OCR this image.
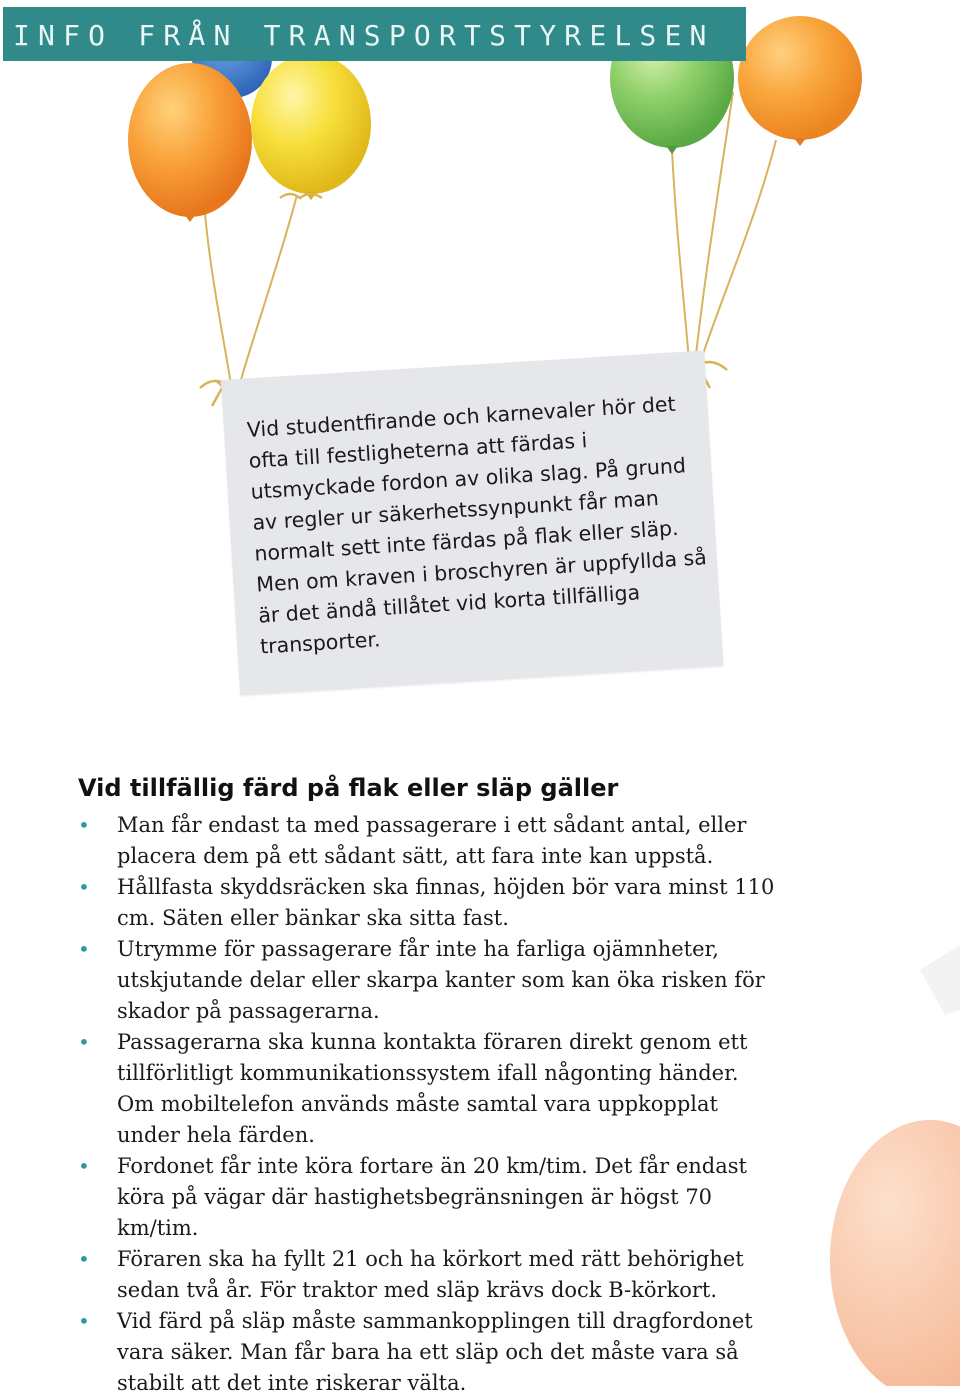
INFO FRÅN TRANSPORTSTYRELSEN
Vid studentfirande och karnevaler hör det ofta till festligheterna att färdas i utsmyckade fordon av olika slag. På grund av regler ur säkerhetssynpunkt får man normalt sett inte färdas på flak eller släp. Men om kraven i broschyren är uppfyllda så är det ändå tillåtet vid korta tillfälliga transporter.
Vid tillfällig färd på flak eller släp gäller
• Man får endast ta med passagerare i ett sådant antal, eller placera dem på ett sådant sätt, att fara inte kan uppstå.
• Hållfasta skyddsräcken ska finnas, höjden bör vara minst 110 cm. Säten eller bänkar ska sitta fast.
• Utrymme för passagerare får inte ha farliga ojämnheter, utskjutande delar eller skarpa kanter som kan öka risken för skador på passagerarna.
• Passagerarna ska kunna kontakta föraren direkt genom ett tillförlitligt kommunikationssystem ifall någonting händer. Om mobiltelefon används måste samtal vara uppkopplat under hela färden.
• Fordonet får inte köra fortare än 20 km/tim. Det får endast köra på vägar där hastighetsbegränsningen är högst 70 km/tim.
• Föraren ska ha fyllt 21 och ha körkort med rätt behörighet sedan två år. För traktor med släp krävs dock B-körkort.
• Vid färd på släp måste sammankopplingen till dragfordonet vara säker. Man får bara ha ett släp och det måste vara så stabilt att det inte riskerar välta.
